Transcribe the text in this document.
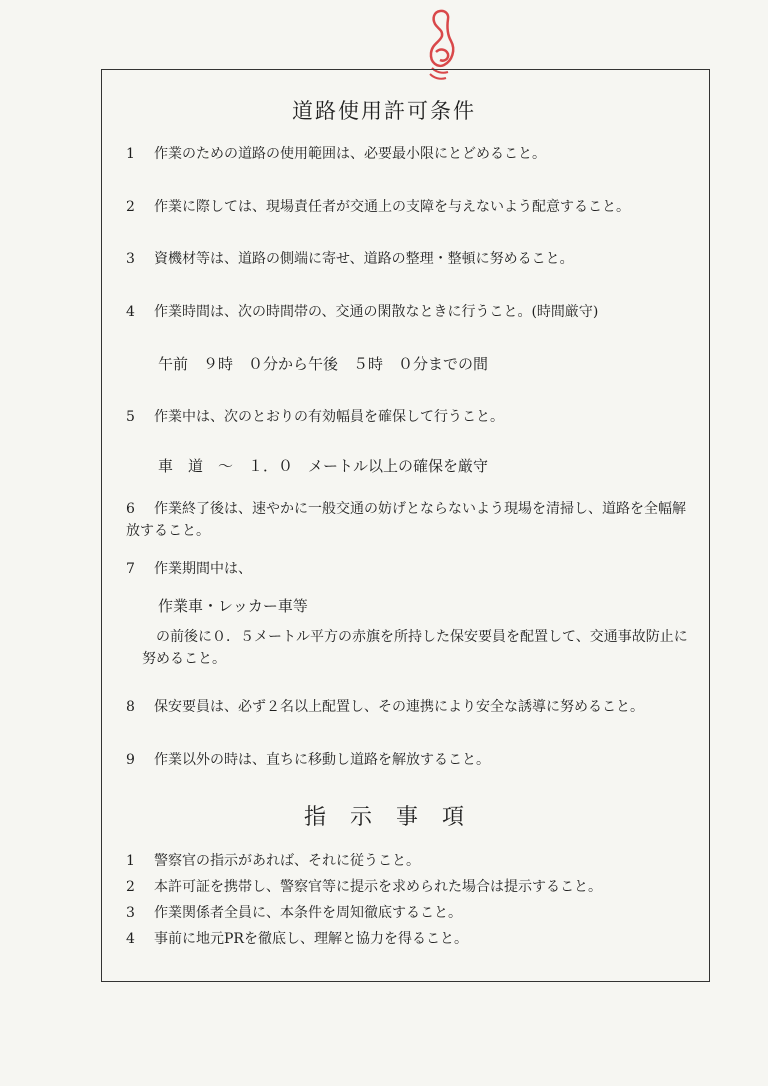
道路使用許可条件
1 作業のための道路の使用範囲は、必要最小限にとどめること。
2 作業に際しては、現場責任者が交通上の支障を与えないよう配意すること。
3 資機材等は、道路の側端に寄せ、道路の整理・整頓に努めること。
4 作業時間は、次の時間帯の、交通の閑散なときに行うこと。(時間厳守)
午前　９時　０分から午後　５時　０分までの間
5 作業中は、次のとおりの有効幅員を確保して行うこと。
車　道　～　１．０　メートル以上の確保を厳守
6 作業終了後は、速やかに一般交通の妨げとならないよう現場を清掃し、道路を全幅解放すること。
7 作業期間中は、
作業車・レッカー車等
の前後に０．５メートル平方の赤旗を所持した保安要員を配置して、交通事故防止に努めること。
8 保安要員は、必ず２名以上配置し、その連携により安全な誘導に努めること。
9 作業以外の時は、直ちに移動し道路を解放すること。
指示事項
1 警察官の指示があれば、それに従うこと。
2 本許可証を携帯し、警察官等に提示を求められた場合は提示すること。
3 作業関係者全員に、本条件を周知徹底すること。
4 事前に地元PRを徹底し、理解と協力を得ること。
